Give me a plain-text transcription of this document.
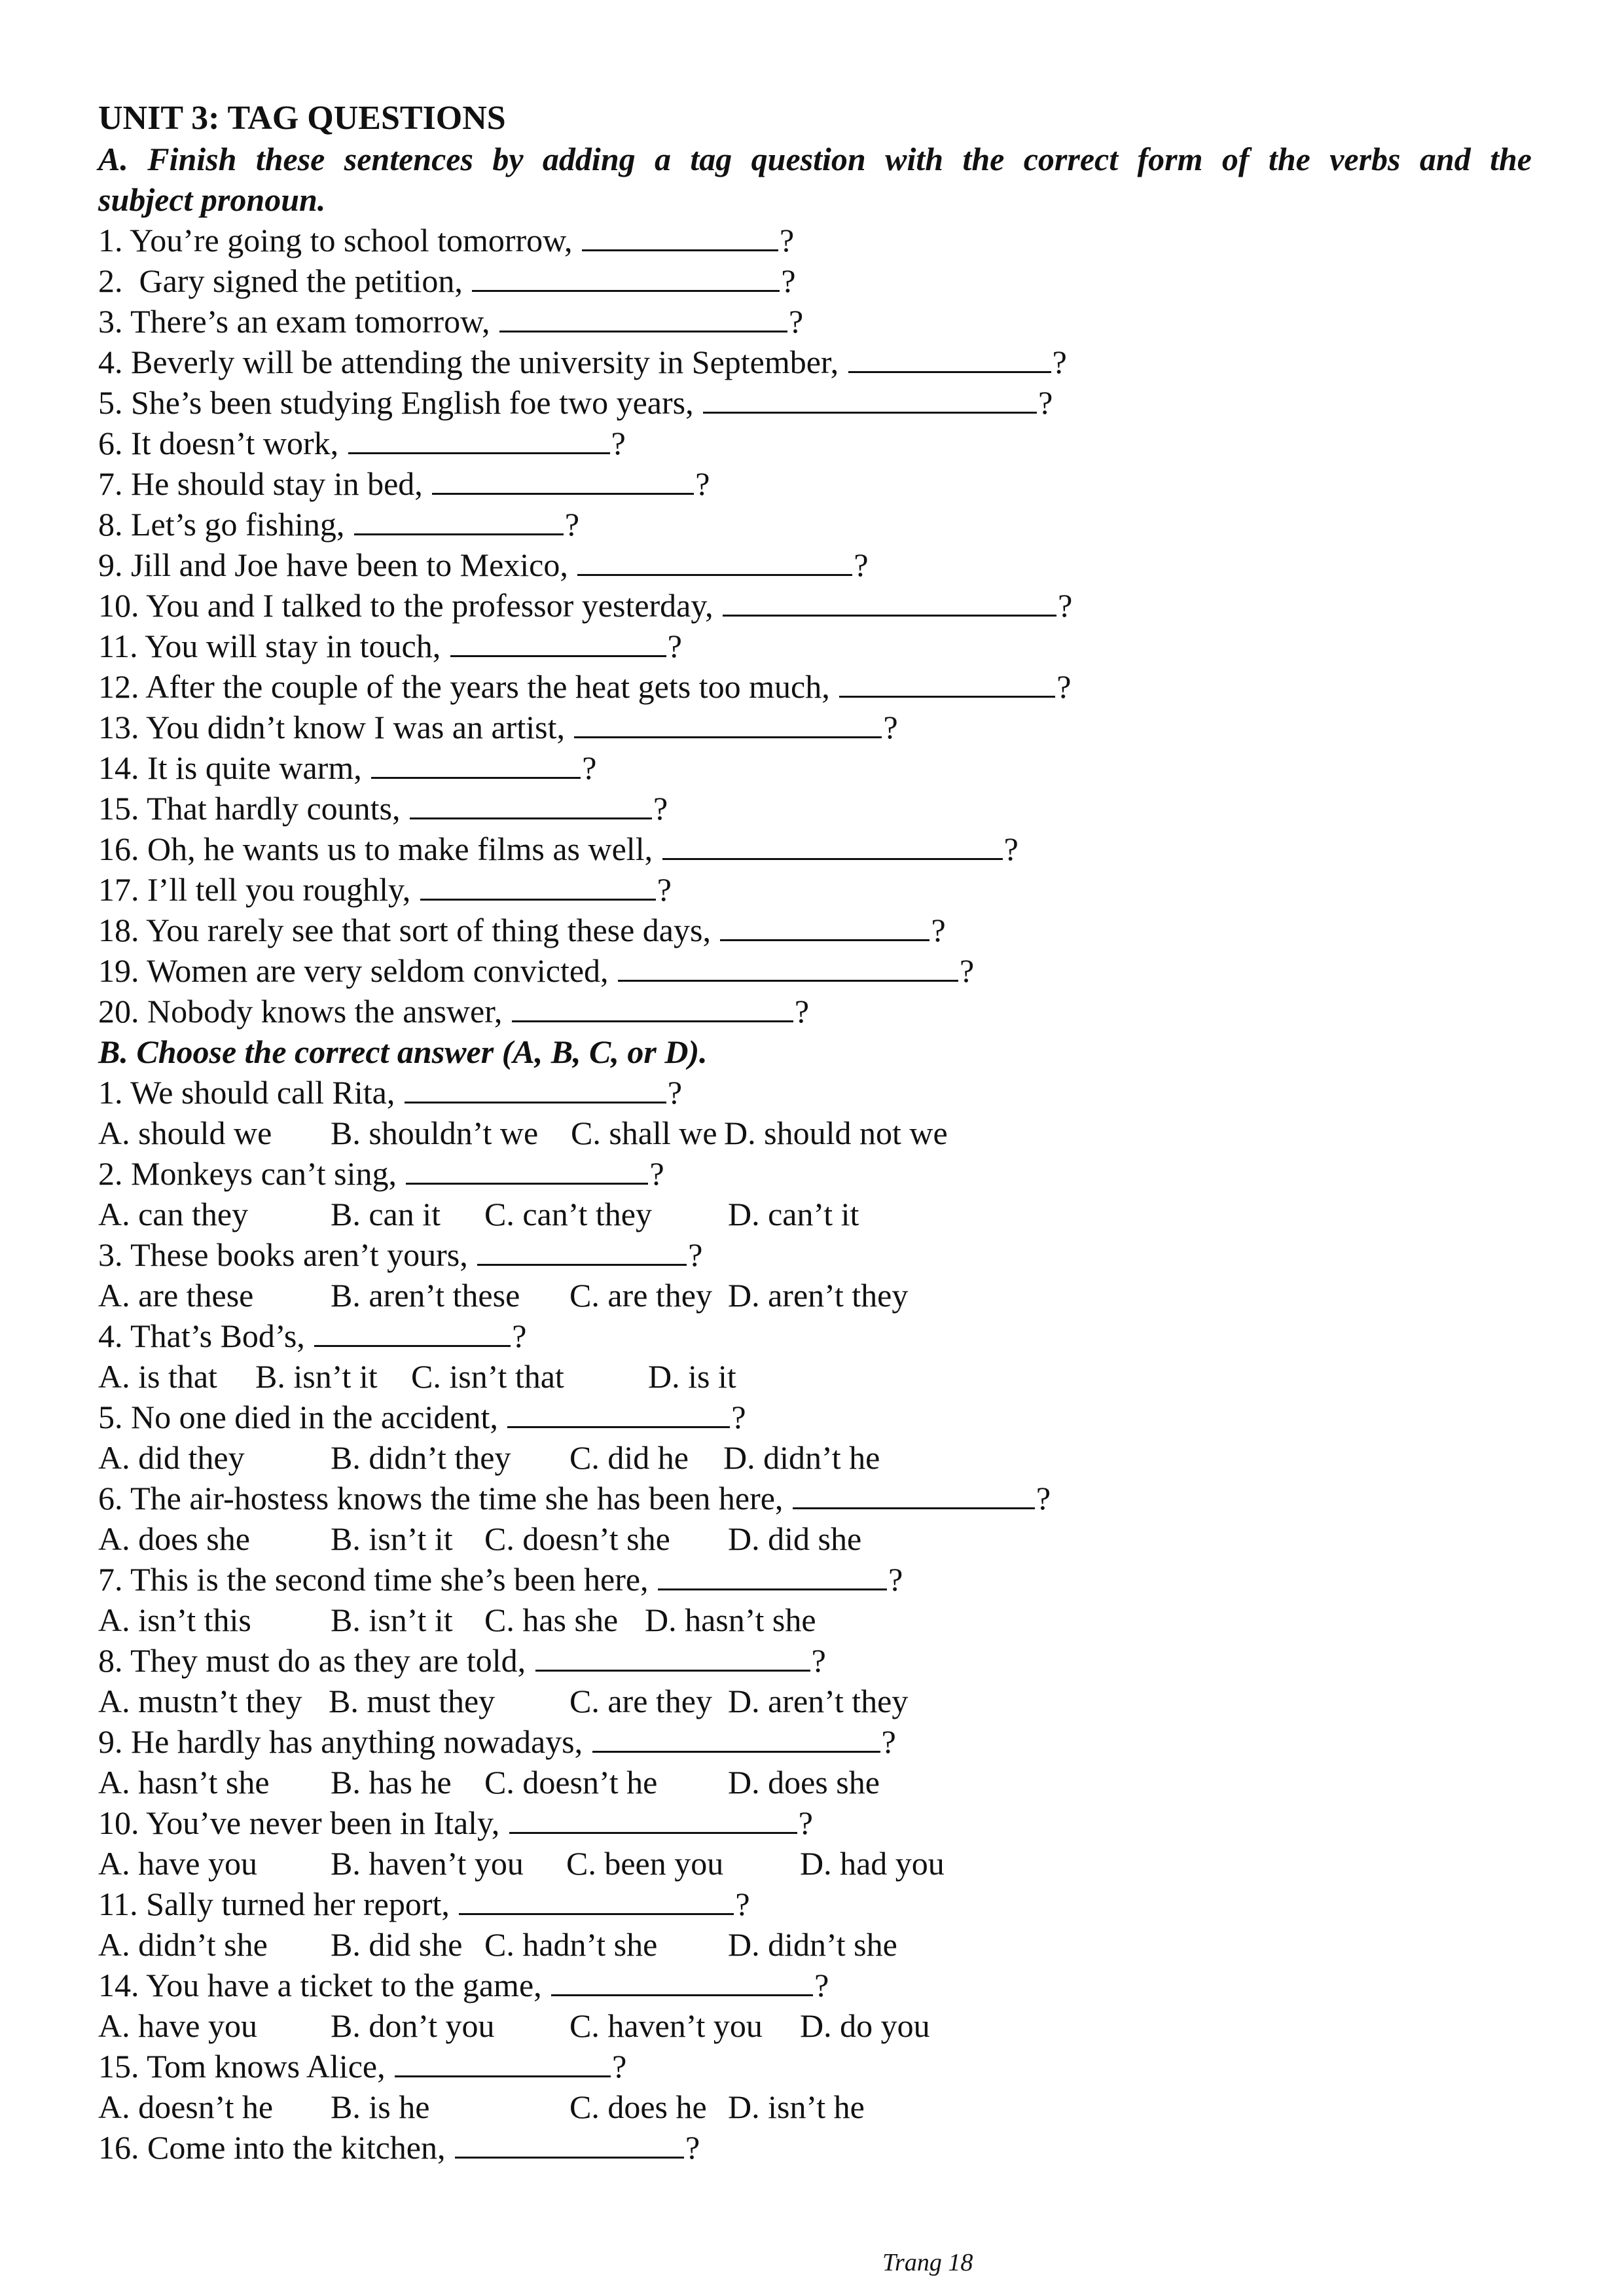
UNIT 3: TAG QUESTIONS
A. Finish these sentences by adding a tag question with the correct form of the verbs and the
subject pronoun.
1. You’re going to school tomorrow,	?
2.  Gary signed the petition,	?
3. There’s an exam tomorrow,	?
4. Beverly will be attending the university in September,	?
5. She’s been studying English foe two years,	?
6. It doesn’t work,	?
7. He should stay in bed,	?
8. Let’s go fishing,	?
9. Jill and Joe have been to Mexico,	?
10. You and I talked to the professor yesterday,	?
11. You will stay in touch,	?
12. After the couple of the years the heat gets too much,	?
13. You didn’t know I was an artist,	?
14. It is quite warm,	?
15. That hardly counts,	?
16. Oh, he wants us to make films as well,	?
17. I’ll tell you roughly,	?
18. You rarely see that sort of thing these days,	?
19. Women are very seldom convicted,	?
20. Nobody knows the answer,	?
B. Choose the correct answer (A, B, C, or D).
1. We should call Rita,	?
A. should we B. shouldn’t we C. shall we D. should not we
2. Monkeys can’t sing,	?
A. can they	B. can it C. can’t they D. can’t it
3. These books aren’t yours,	?
A. are these B. aren’t these C. are they D. aren’t they
4. That’s Bod’s,	?
A. is that B. isn’t it C. isn’t that	D. is it
5. No one died in the accident,	?
A. did they	B. didn’t they C. did he D. didn’t he
6. The air-hostess knows the time she has been here,	?
A. does she B. isn’t it C. doesn’t she D. did she
7. This is the second time she’s been here,	?
A. isn’t this B. isn’t it C. has she D. hasn’t she
8. They must do as they are told,	?
A. mustn’t they B. must they C. are they D. aren’t they
9. He hardly has anything nowadays,	?
A. hasn’t she B. has he C. doesn’t he D. does she
10. You’ve never been in Italy,	?
A. have you B. haven’t you C. been you D. had you
11. Sally turned her report,	?
A. didn’t she B. did she C. hadn’t she D. didn’t she
14. You have a ticket to the game,	?
A. have you B. don’t you C. haven’t you D. do you
15. Tom knows Alice,	?
A. doesn’t he B. is he	C. does he D. isn’t he
16. Come into the kitchen,	?
Trang 18
